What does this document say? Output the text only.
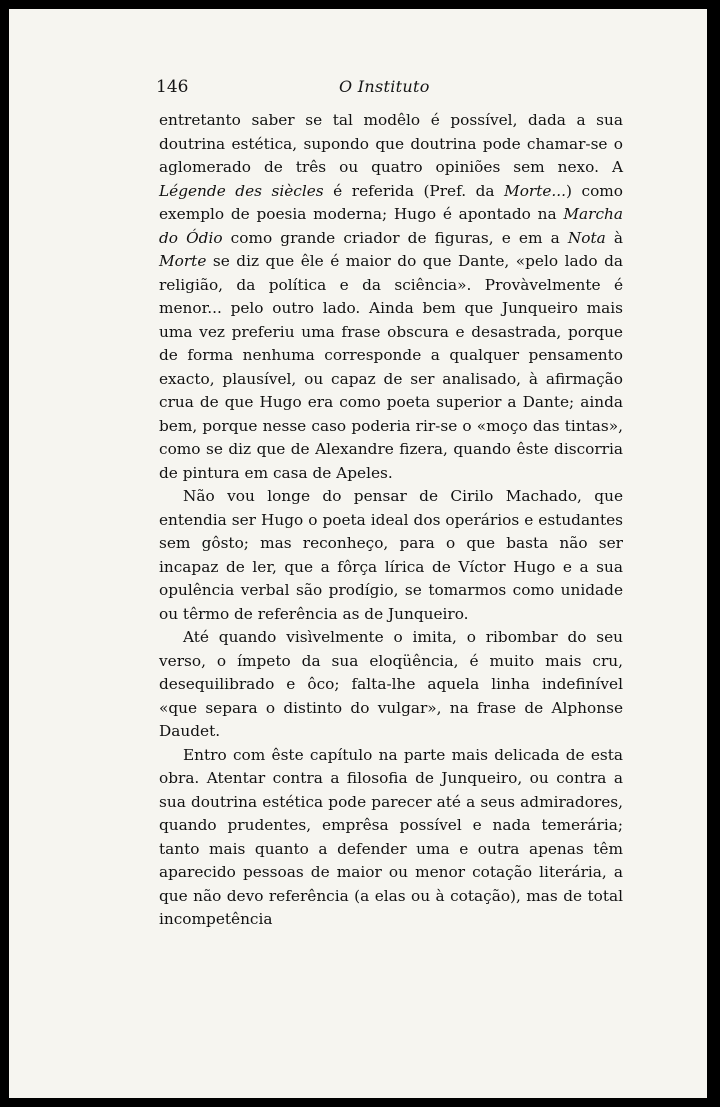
146	O Instituto

entretanto saber se tal modêlo é possível, dada a sua doutrina estética, supondo que doutrina pode chamar-se o aglomerado de três ou quatro opiniões sem nexo. A Légende des siècles é referida (Pref. da Morte...) como exemplo de poesia moderna; Hugo é apontado na Marcha do Ódio como grande criador de figuras, e em a Nota à Morte se diz que êle é maior do que Dante, «pelo lado da religião, da política e da sciência». Provàvelmente é menor... pelo outro lado. Ainda bem que Junqueiro mais uma vez preferiu uma frase obscura e desastrada, porque de forma nenhuma corresponde a qualquer pensamento exacto, plausível, ou capaz de ser analisado, à afirmação crua de que Hugo era como poeta superior a Dante; ainda bem, porque nesse caso poderia rir-se o «moço das tintas», como se diz que de Alexandre fizera, quando êste discorria de pintura em casa de Apeles.

Não vou longe do pensar de Cirilo Machado, que entendia ser Hugo o poeta ideal dos operários e estudantes sem gôsto; mas reconheço, para o que basta não ser incapaz de ler, que a fôrça lírica de Víctor Hugo e a sua opulência verbal são prodígio, se tomarmos como unidade ou têrmo de referência as de Junqueiro.

Até quando visìvelmente o imita, o ribombar do seu verso, o ímpeto da sua eloqüência, é muito mais cru, desequilibrado e ôco; falta-lhe aquela linha indefinível «que separa o distinto do vulgar», na frase de Alphonse Daudet.

Entro com êste capítulo na parte mais delicada de esta obra. Atentar contra a filosofia de Junqueiro, ou contra a sua doutrina estética pode parecer até a seus admiradores, quando prudentes, emprêsa possível e nada temerária; tanto mais quanto a defender uma e outra apenas têm aparecido pessoas de maior ou menor cotação literária, a que não devo referência (a elas ou à cotação), mas de total incompetência
